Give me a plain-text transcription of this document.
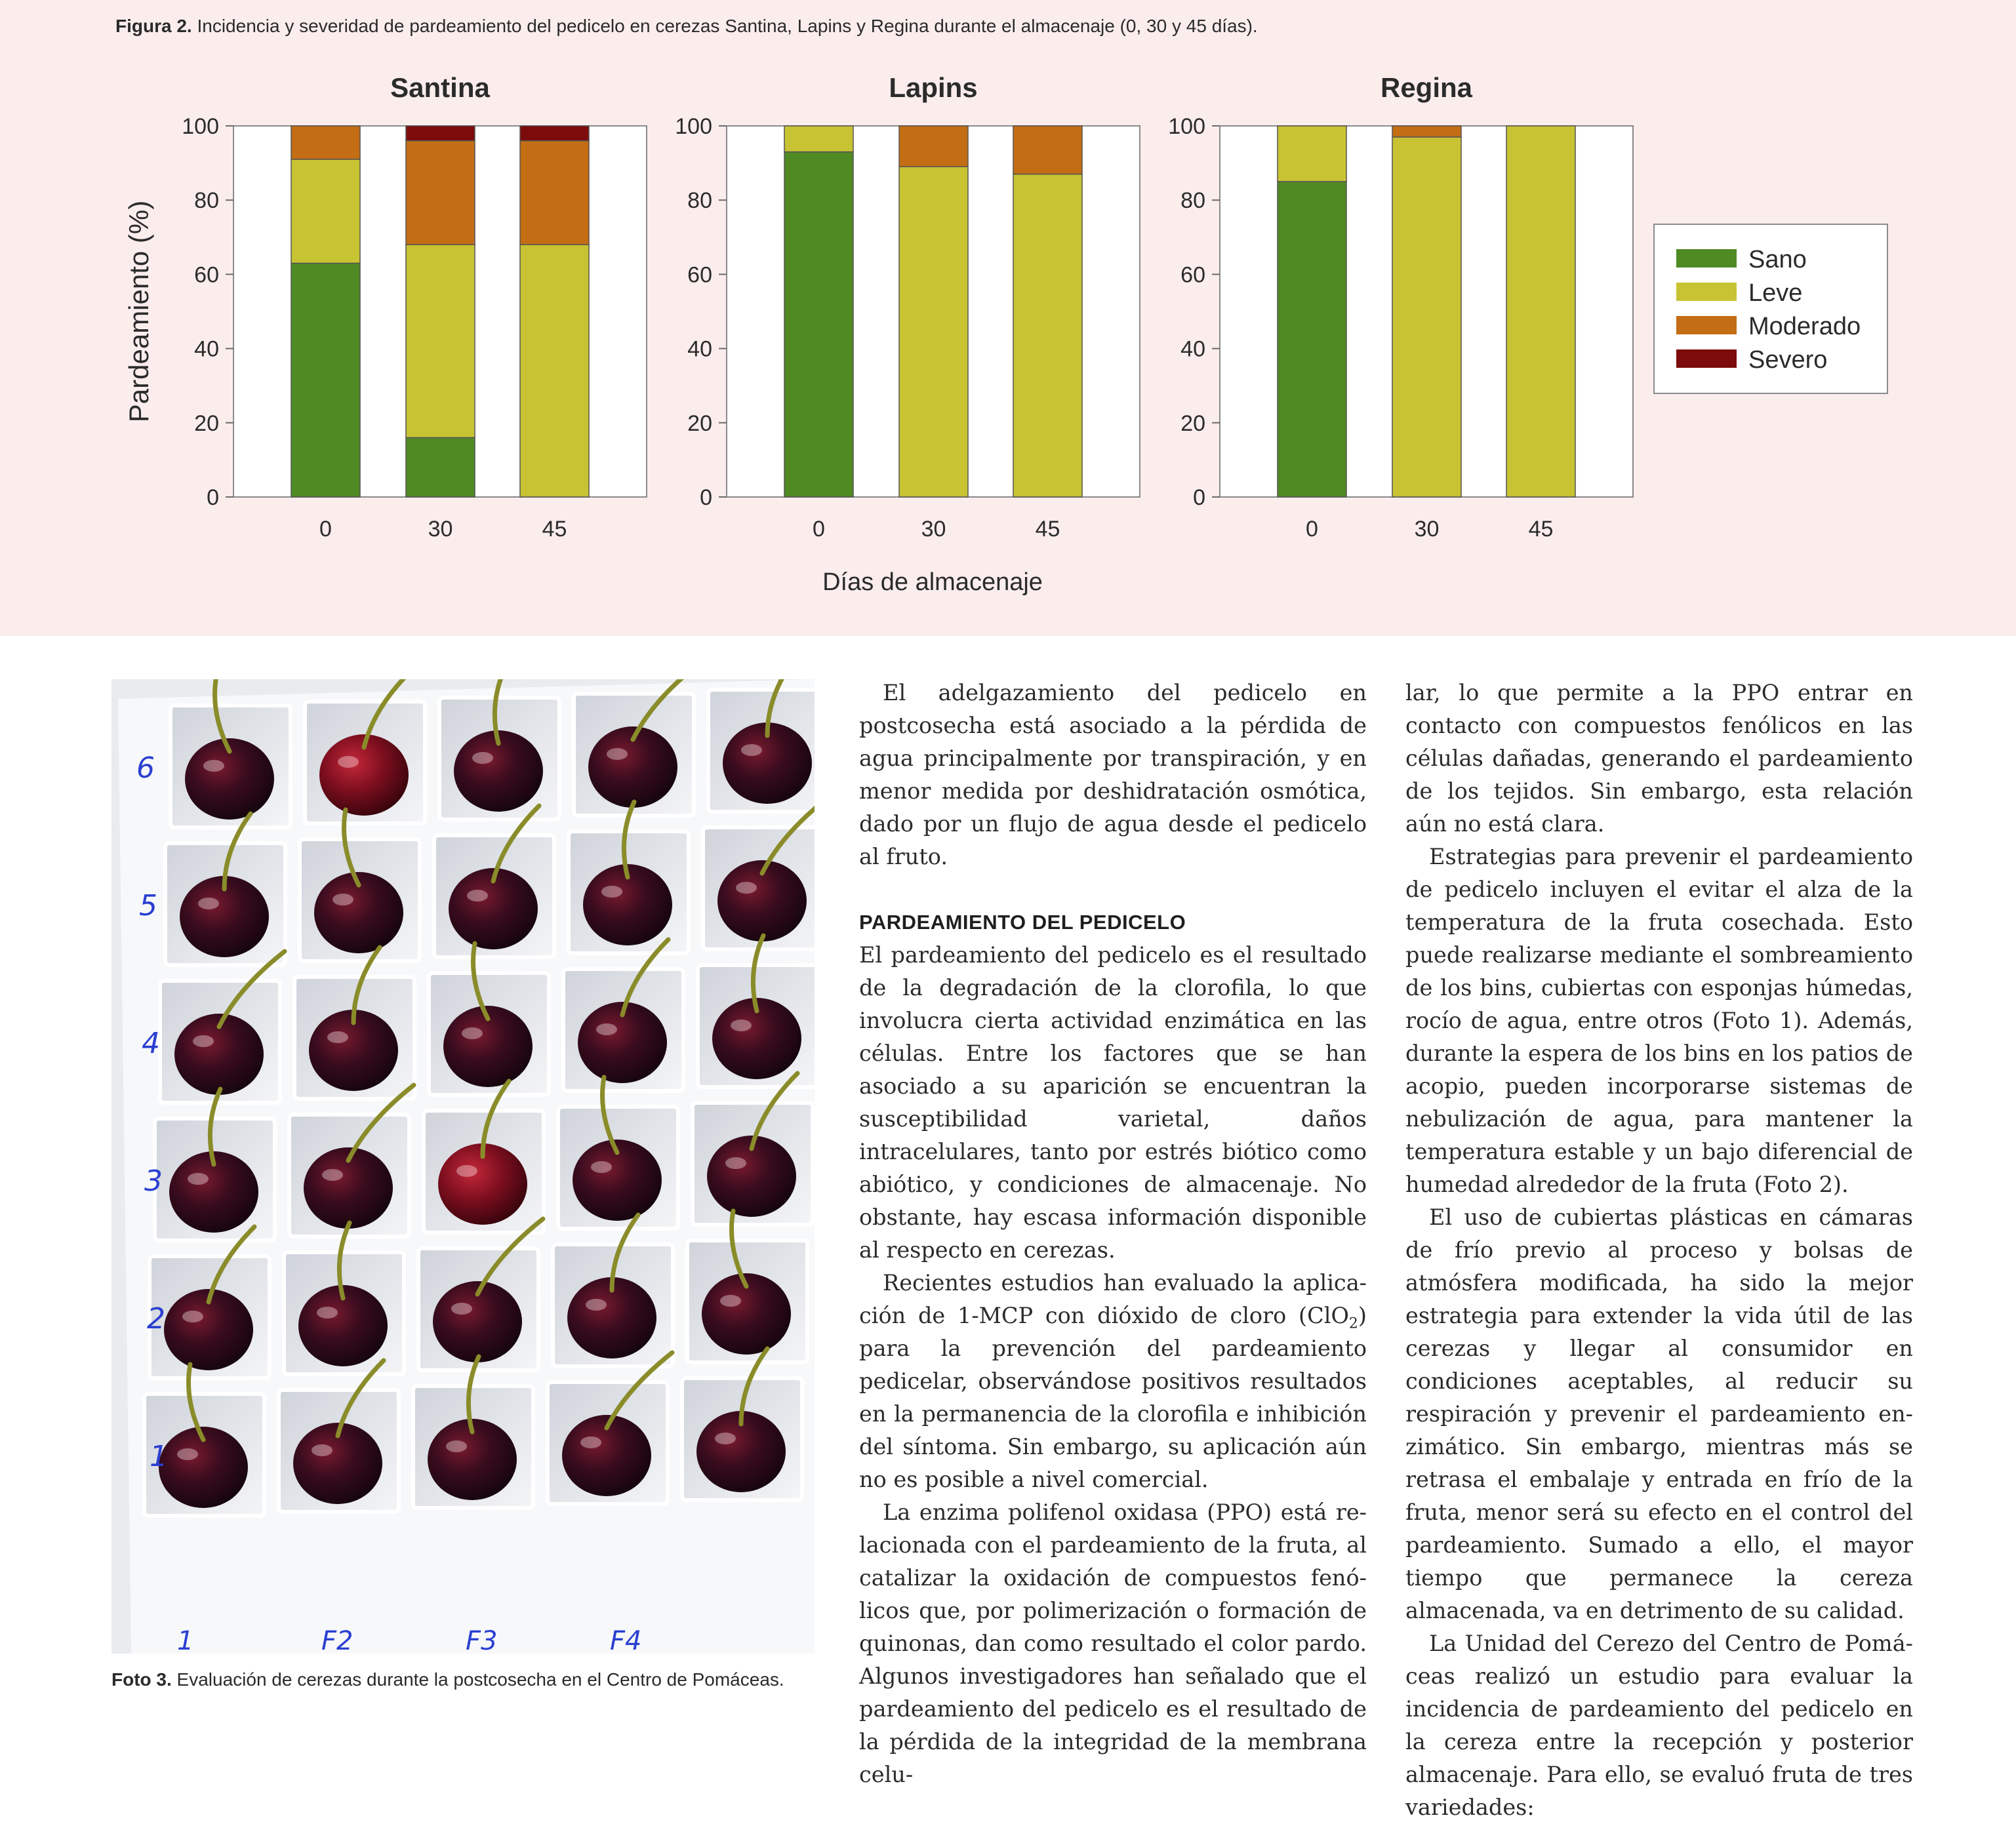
Figura 2. Incidencia y severidad de pardeamiento del pedicelo en cerezas Santina, Lapins y Regina durante el almacenaje (0, 30 y 45 días).
Santina
0
20
40
60
80
100
0	30	45
Lapins
0
20
40
60
80
100
0	30	45
Regina
0
20
40
60
80
100
0	30	45
Pardeamiento (%)
Días de almacenaje
Sano
Leve
Moderado
Severo
6
5
4
3
2
1
1	F2	F3	F4
Foto 3. Evaluación de cerezas durante la postcosecha en el Centro de Pomáceas.

El adelgazamiento del pedicelo en postcosecha está asociado a la pérdida de agua principalmente por transpiración, y en menor medida por deshidratación osmótica, dado por un flujo de agua desde el pedicelo al fruto.

PARDEAMIENTO DEL PEDICELO

El pardeamiento del pedicelo es el resultado de la degradación de la clorofila, lo que involucra cierta actividad enzimática en las células. Entre los factores que se han asociado a su aparición se encuentran la susceptibilidad varietal, daños intracelulares, tanto por estrés biótico como abiótico, y condiciones de almacenaje. No obstante, hay escasa información disponible al respecto en cerezas.

Recientes estudios han evaluado la aplicación de 1-MCP con dióxido de cloro (ClO$_2$) para la prevención del pardeamiento pedicelar, observándose positivos resultados en la permanencia de la clorofila e inhibición del síntoma. Sin embargo, su aplicación aún no es posible a nivel comercial.

La enzima polifenol oxidasa (PPO) está relacionada con el pardeamiento de la fruta, al catalizar la oxidación de compuestos fenólicos que, por polimerización o formación de quinonas, dan como resultado el color pardo. Algunos investigadores han señalado que el pardeamiento del pedicelo es el resultado de la pérdida de la integridad de la membrana celu-

lar, lo que permite a la PPO entrar en contacto con compuestos fenólicos en las células dañadas, generando el pardeamiento de los tejidos. Sin embargo, esta relación aún no está clara.

Estrategias para prevenir el pardeamiento de pedicelo incluyen el evitar el alza de la temperatura de la fruta cosechada. Esto puede realizarse mediante el sombreamiento de los bins, cubiertas con esponjas húmedas, rocío de agua, entre otros (Foto 1). Además, durante la espera de los bins en los patios de acopio, pueden incorporarse sistemas de nebulización de agua, para mantener la temperatura estable y un bajo diferencial de humedad alrededor de la fruta (Foto 2).

El uso de cubiertas plásticas en cámaras de frío previo al proceso y bolsas de atmósfera modificada, ha sido la mejor estrategia para extender la vida útil de las cerezas y llegar al consumidor en condiciones aceptables, al reducir su respiración y prevenir el pardeamiento enzimático. Sin embargo, mientras más se retrasa el embalaje y entrada en frío de la fruta, menor será su efecto en el control del pardeamiento. Sumado a ello, el mayor tiempo que permanece la cereza almacenada, va en detrimento de su calidad.

La Unidad del Cerezo del Centro de Pomáceas realizó un estudio para evaluar la incidencia de pardeamiento del pedicelo en la cereza entre la recepción y posterior almacenaje. Para ello, se evaluó fruta de tres variedades:
